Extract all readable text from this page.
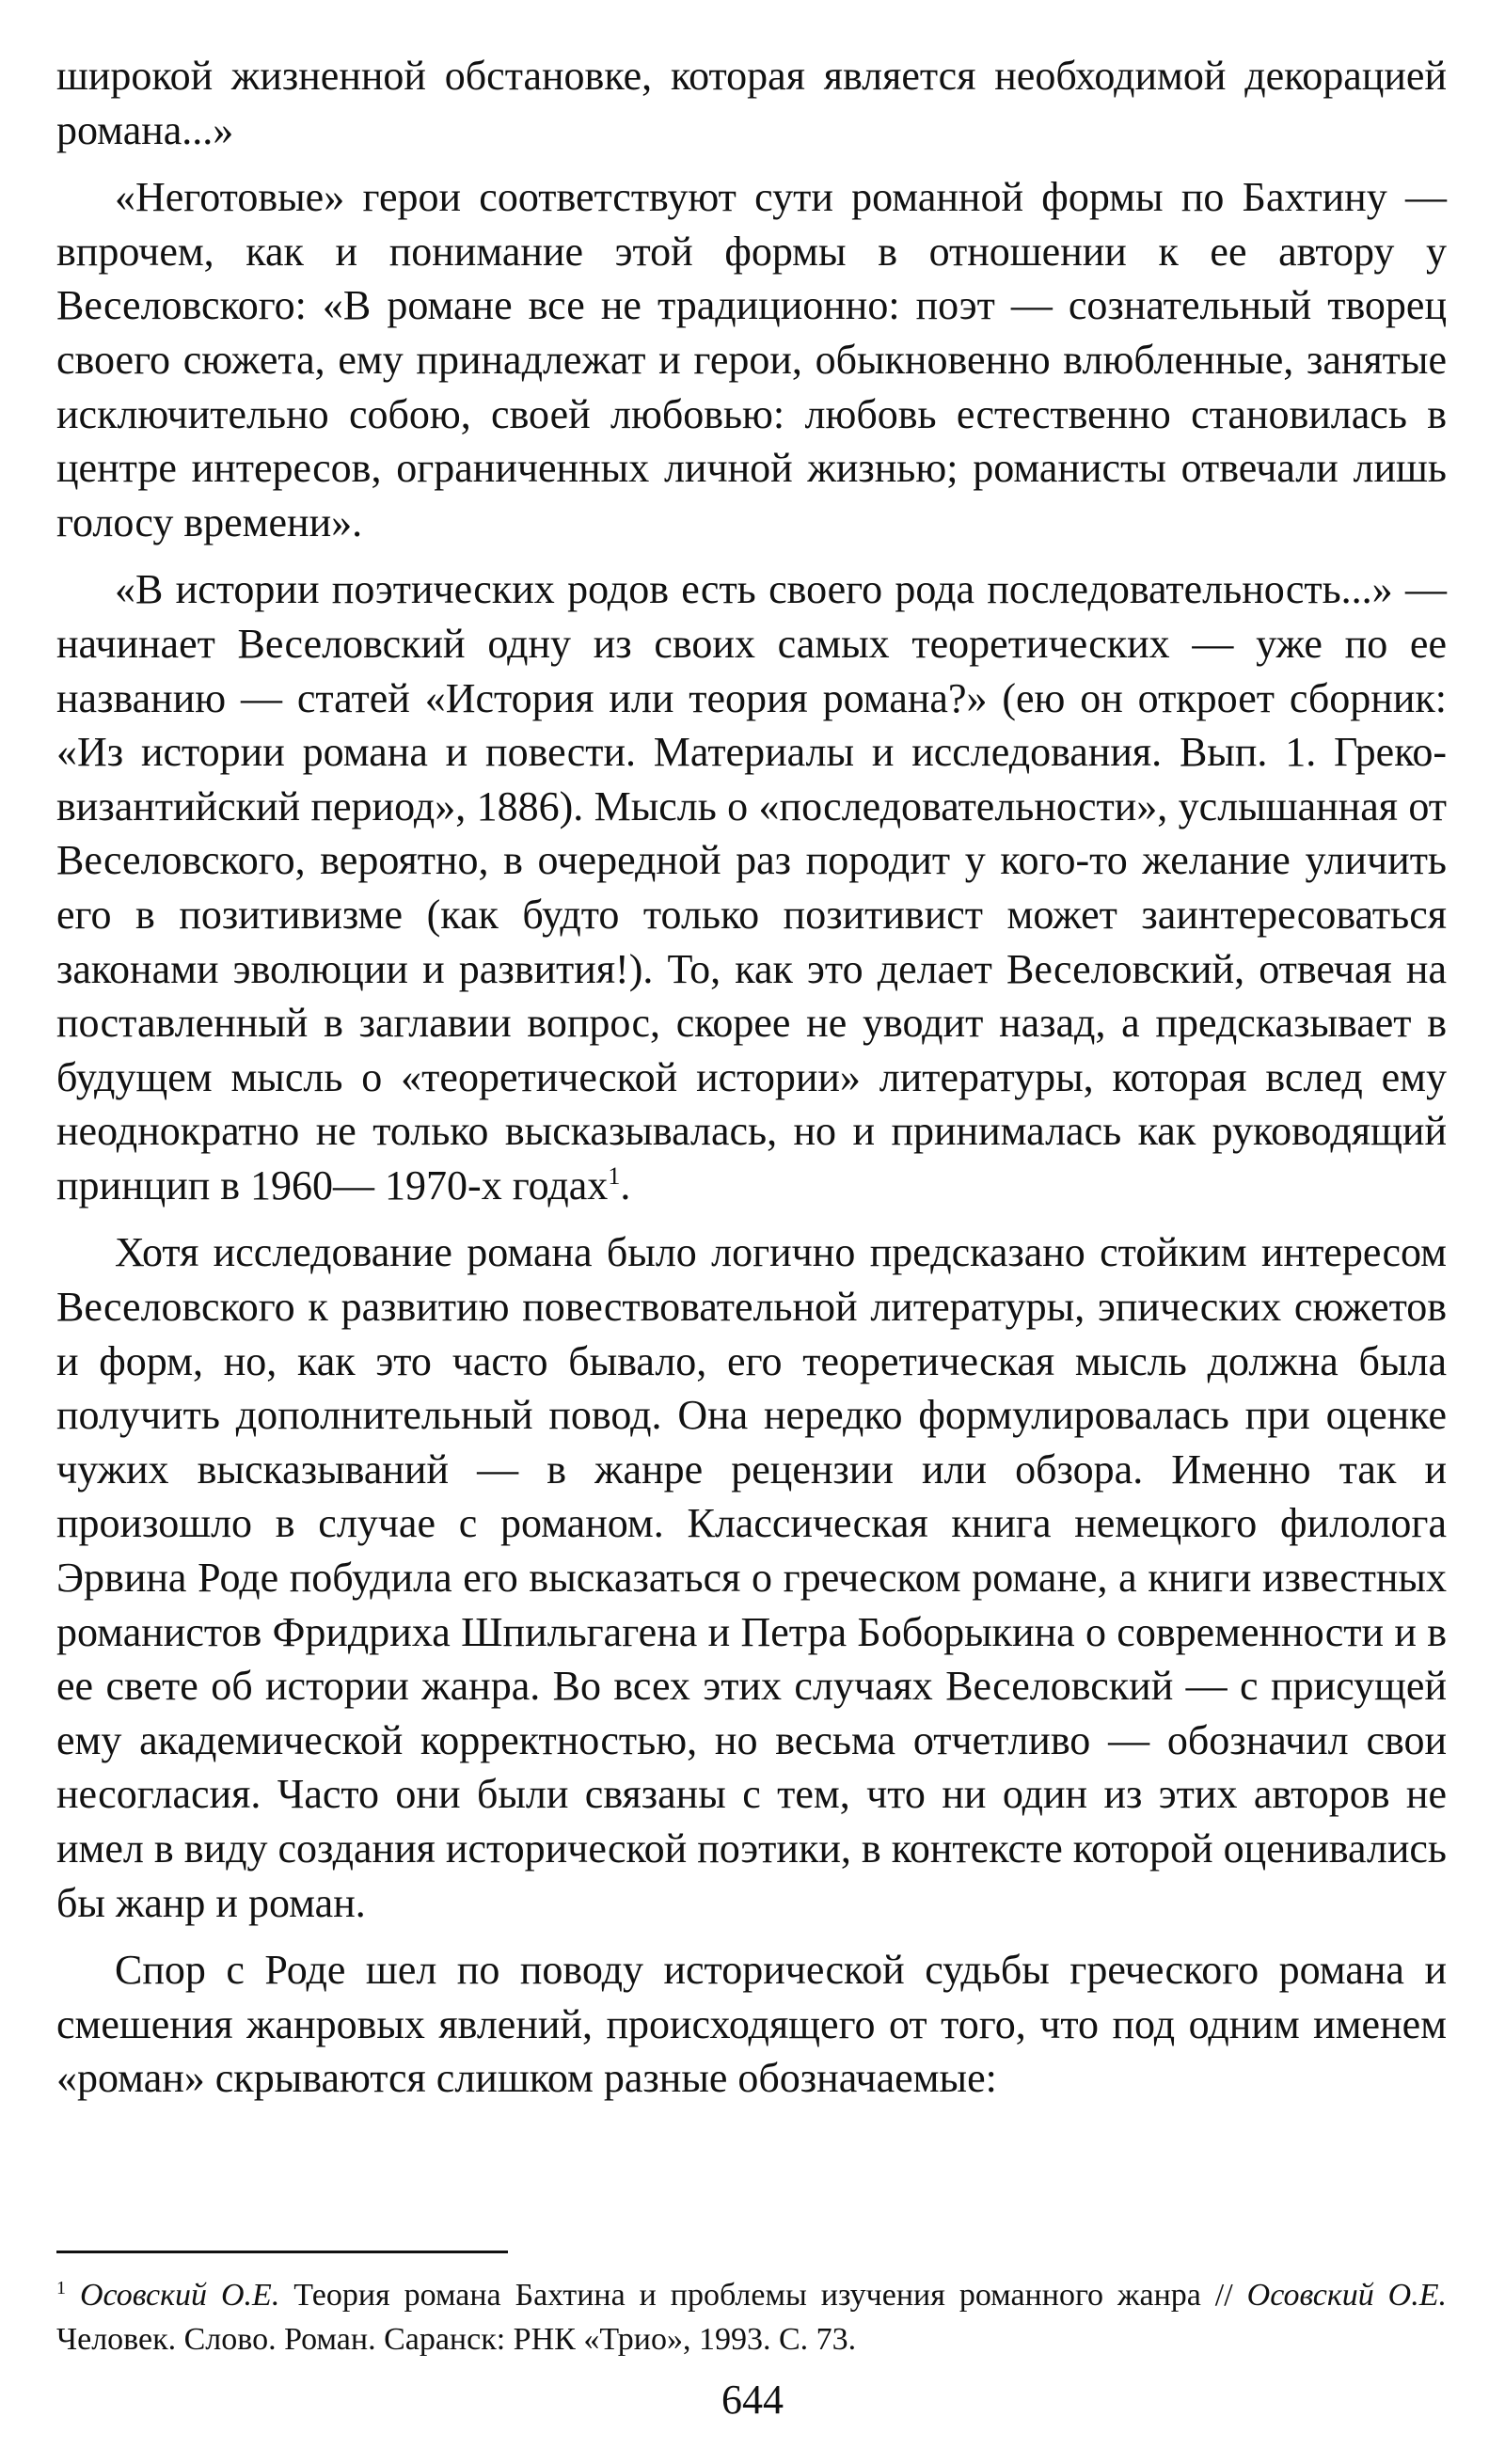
широкой жизненной обстановке, которая является необходимой декорацией романа...»

«Неготовые» герои соответствуют сути романной формы по Бахтину — впрочем, как и понимание этой формы в отношении к ее автору у Веселовского: «В романе все не традиционно: поэт — сознательный творец своего сюжета, ему принадлежат и герои, обыкновенно влюбленные, занятые исключительно собою, своей любовью: любовь естественно становилась в центре интересов, ограниченных личной жизнью; романисты отвечали лишь голосу времени».

«В истории поэтических родов есть своего рода последовательность...» — начинает Веселовский одну из своих самых теоретических — уже по ее названию — статей «История или теория романа?» (ею он откроет сборник: «Из истории романа и повести. Материалы и исследования. Вып. 1. Греко-византийский период», 1886). Мысль о «последовательности», услышанная от Веселовского, вероятно, в очередной раз породит у кого-то желание уличить его в позитивизме (как будто только позитивист может заинтересоваться законами эволюции и развития!). То, как это делает Веселовский, отвечая на поставленный в заглавии вопрос, скорее не уводит назад, а предсказывает в будущем мысль о «теоретической истории» литературы, которая вслед ему неоднократно не только высказывалась, но и принималась как руководящий принцип в 1960— 1970-х годах$^1$.

Хотя исследование романа было логично предсказано стойким интересом Веселовского к развитию повествовательной литературы, эпических сюжетов и форм, но, как это часто бывало, его теоретическая мысль должна была получить дополнительный повод. Она нередко формулировалась при оценке чужих высказываний — в жанре рецензии или обзора. Именно так и произошло в случае с романом. Классическая книга немецкого филолога Эрвина Роде побудила его высказаться о греческом романе, а книги известных романистов Фридриха Шпильгагена и Петра Боборыкина о современности и в ее свете об истории жанра. Во всех этих случаях Веселовский — с присущей ему академической корректностью, но весьма отчетливо — обозначил свои несогласия. Часто они были связаны с тем, что ни один из этих авторов не имел в виду создания исторической поэтики, в контексте которой оценивались бы жанр и роман.

Спор с Роде шел по поводу исторической судьбы греческого романа и смешения жанровых явлений, происходящего от того, что под одним именем «роман» скрываются слишком разные обозначаемые:

$^1$ Осовский О.Е. Теория романа Бахтина и проблемы изучения романного жанра // Осовский О.Е. Человек. Слово. Роман. Саранск: РНК «Трио», 1993. С. 73.
644
